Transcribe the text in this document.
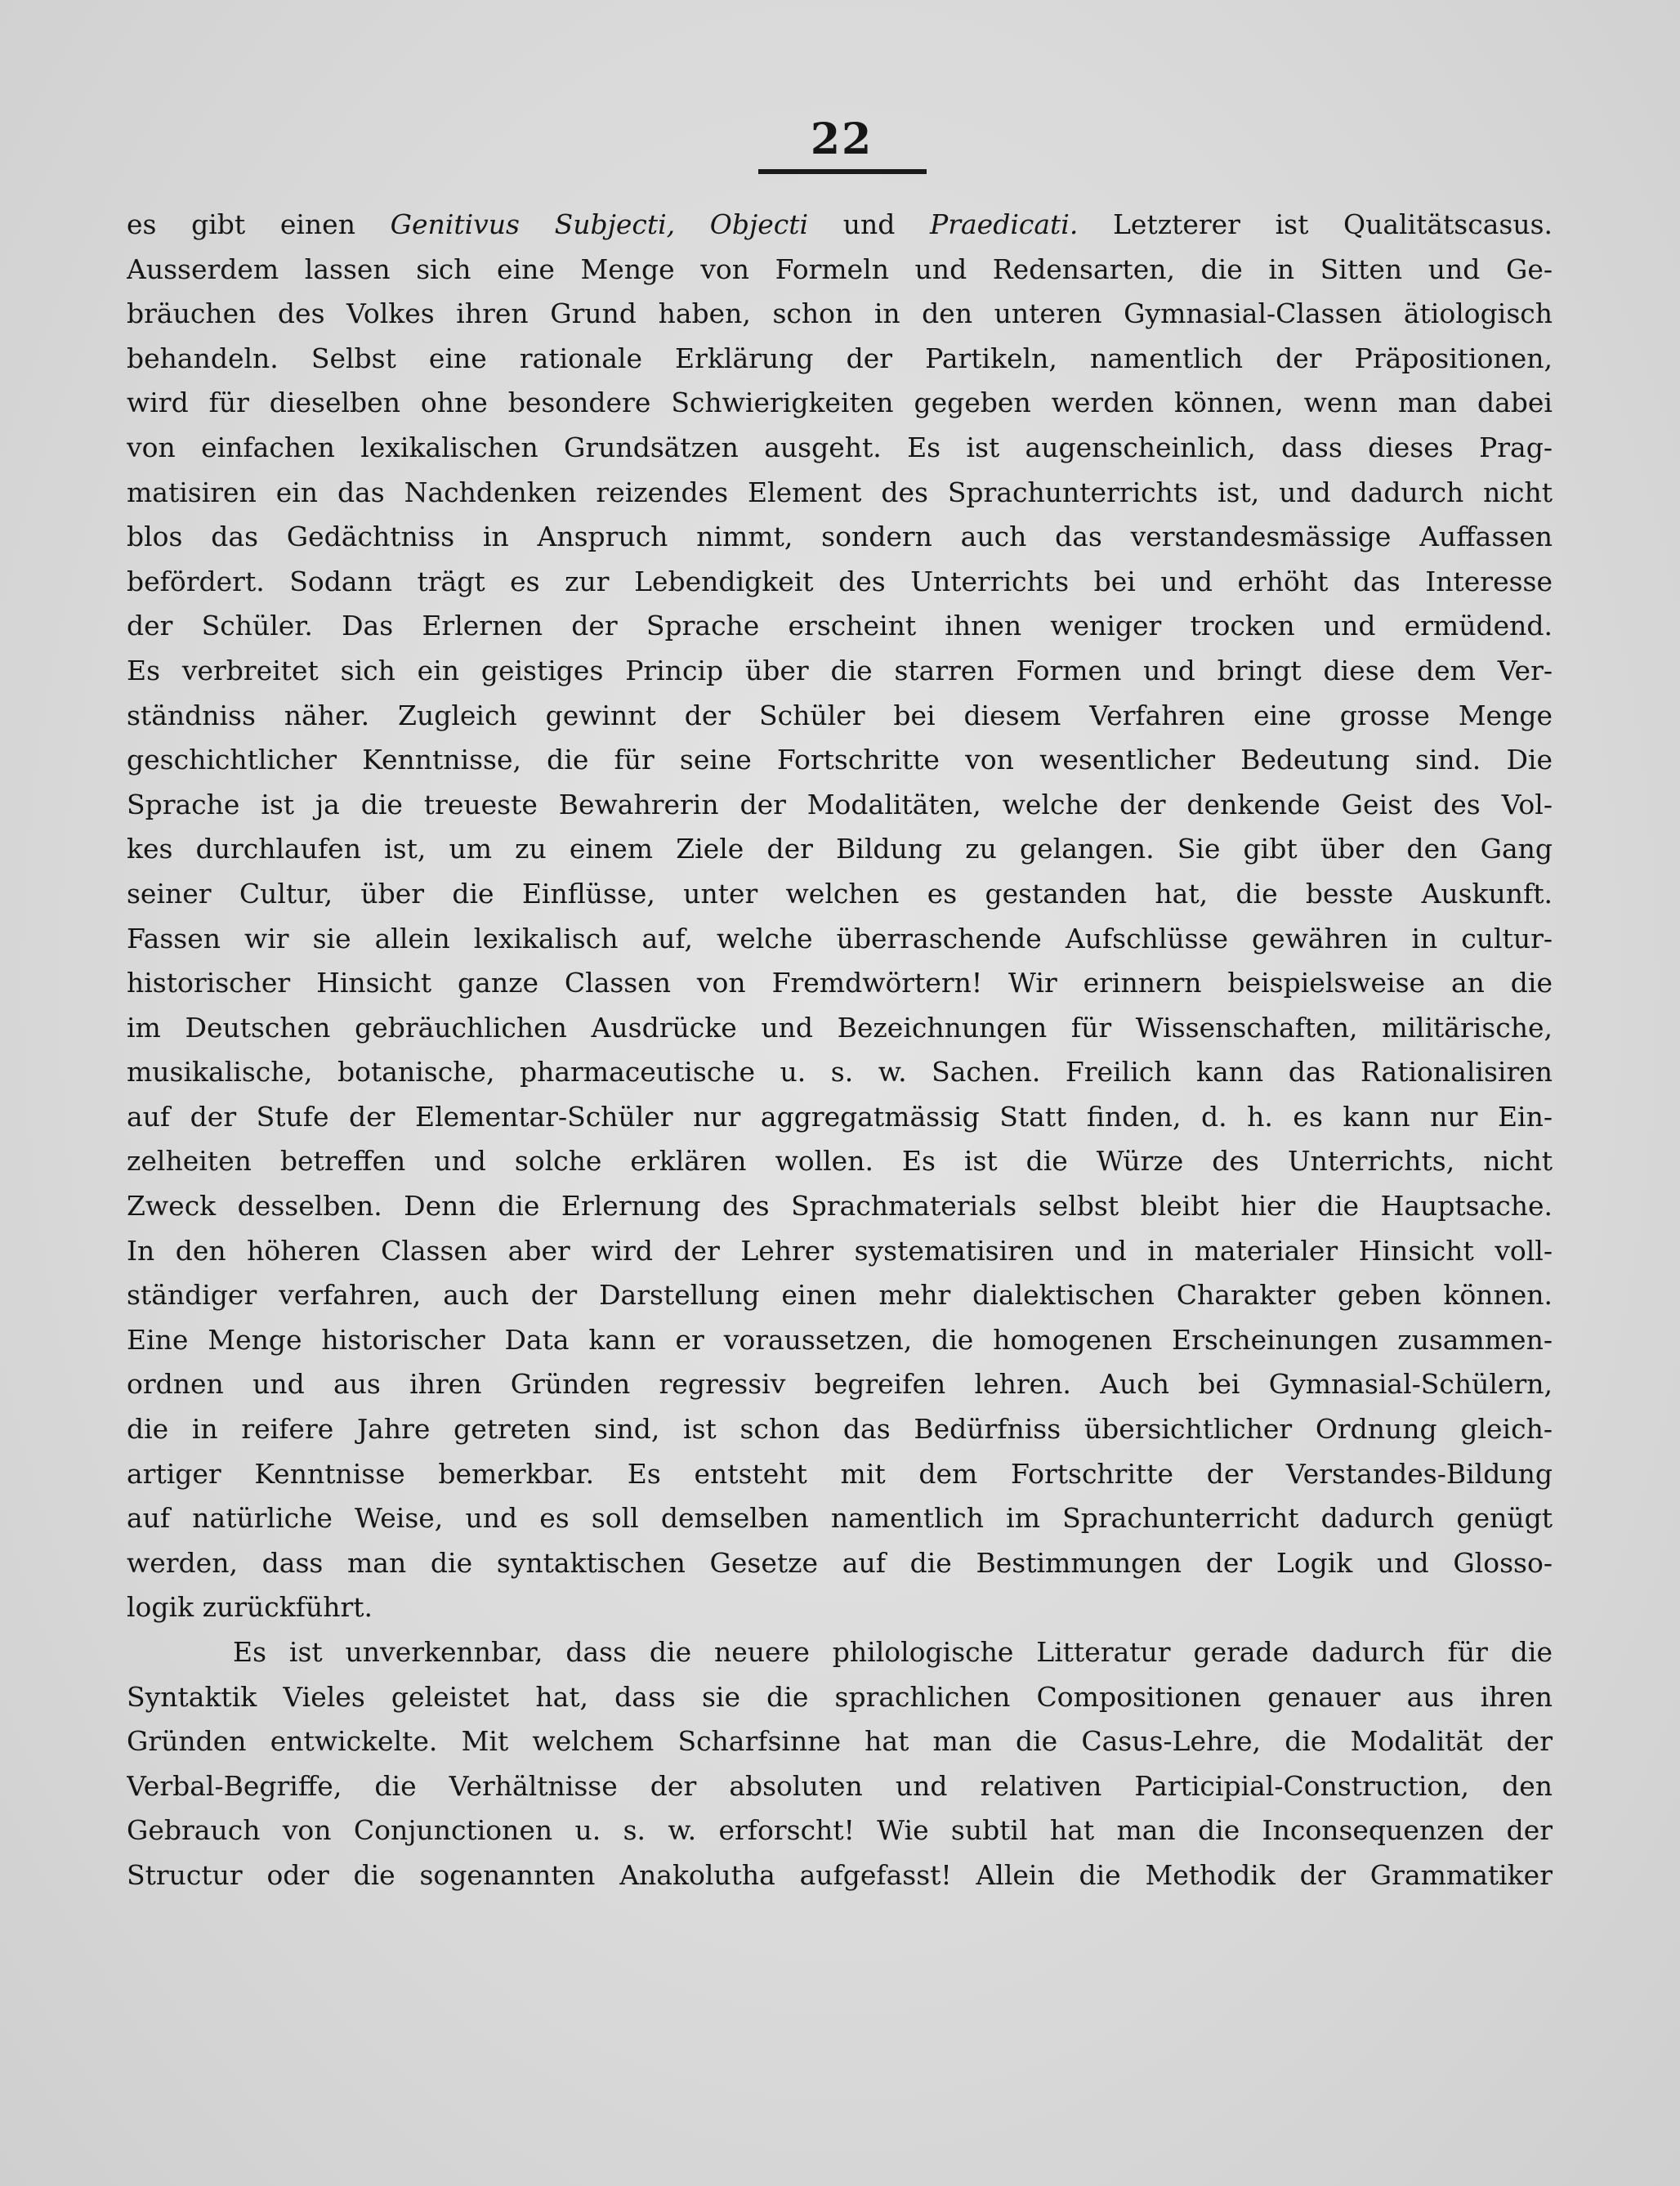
22
es gibt einen Genitivus Subjecti, Objecti und Praedicati. Letzterer ist Qualitätscasus.
Ausserdem lassen sich eine Menge von Formeln und Redensarten, die in Sitten und Ge-
bräuchen des Volkes ihren Grund haben, schon in den unteren Gymnasial-Classen ätiologisch
behandeln. Selbst eine rationale Erklärung der Partikeln, namentlich der Präpositionen,
wird für dieselben ohne besondere Schwierigkeiten gegeben werden können, wenn man dabei
von einfachen lexikalischen Grundsätzen ausgeht. Es ist augenscheinlich, dass dieses Prag-
matisiren ein das Nachdenken reizendes Element des Sprachunterrichts ist, und dadurch nicht
blos das Gedächtniss in Anspruch nimmt, sondern auch das verstandesmässige Auffassen
befördert. Sodann trägt es zur Lebendigkeit des Unterrichts bei und erhöht das Interesse
der Schüler. Das Erlernen der Sprache erscheint ihnen weniger trocken und ermüdend.
Es verbreitet sich ein geistiges Princip über die starren Formen und bringt diese dem Ver-
ständniss näher. Zugleich gewinnt der Schüler bei diesem Verfahren eine grosse Menge
geschichtlicher Kenntnisse, die für seine Fortschritte von wesentlicher Bedeutung sind. Die
Sprache ist ja die treueste Bewahrerin der Modalitäten, welche der denkende Geist des Vol-
kes durchlaufen ist, um zu einem Ziele der Bildung zu gelangen. Sie gibt über den Gang
seiner Cultur, über die Einflüsse, unter welchen es gestanden hat, die besste Auskunft.
Fassen wir sie allein lexikalisch auf, welche überraschende Aufschlüsse gewähren in cultur-
historischer Hinsicht ganze Classen von Fremdwörtern! Wir erinnern beispielsweise an die
im Deutschen gebräuchlichen Ausdrücke und Bezeichnungen für Wissenschaften, militärische,
musikalische, botanische, pharmaceutische u. s. w. Sachen. Freilich kann das Rationalisiren
auf der Stufe der Elementar-Schüler nur aggregatmässig Statt finden, d. h. es kann nur Ein-
zelheiten betreffen und solche erklären wollen. Es ist die Würze des Unterrichts, nicht
Zweck desselben. Denn die Erlernung des Sprachmaterials selbst bleibt hier die Hauptsache.
In den höheren Classen aber wird der Lehrer systematisiren und in materialer Hinsicht voll-
ständiger verfahren, auch der Darstellung einen mehr dialektischen Charakter geben können.
Eine Menge historischer Data kann er voraussetzen, die homogenen Erscheinungen zusammen-
ordnen und aus ihren Gründen regressiv begreifen lehren. Auch bei Gymnasial-Schülern,
die in reifere Jahre getreten sind, ist schon das Bedürfniss übersichtlicher Ordnung gleich-
artiger Kenntnisse bemerkbar. Es entsteht mit dem Fortschritte der Verstandes-Bildung
auf natürliche Weise, und es soll demselben namentlich im Sprachunterricht dadurch genügt
werden, dass man die syntaktischen Gesetze auf die Bestimmungen der Logik und Glosso-
logik zurückführt.
Es ist unverkennbar, dass die neuere philologische Litteratur gerade dadurch für die
Syntaktik Vieles geleistet hat, dass sie die sprachlichen Compositionen genauer aus ihren
Gründen entwickelte. Mit welchem Scharfsinne hat man die Casus-Lehre, die Modalität der
Verbal-Begriffe, die Verhältnisse der absoluten und relativen Participial-Construction, den
Gebrauch von Conjunctionen u. s. w. erforscht! Wie subtil hat man die Inconsequenzen der
Structur oder die sogenannten Anakolutha aufgefasst! Allein die Methodik der Grammatiker
